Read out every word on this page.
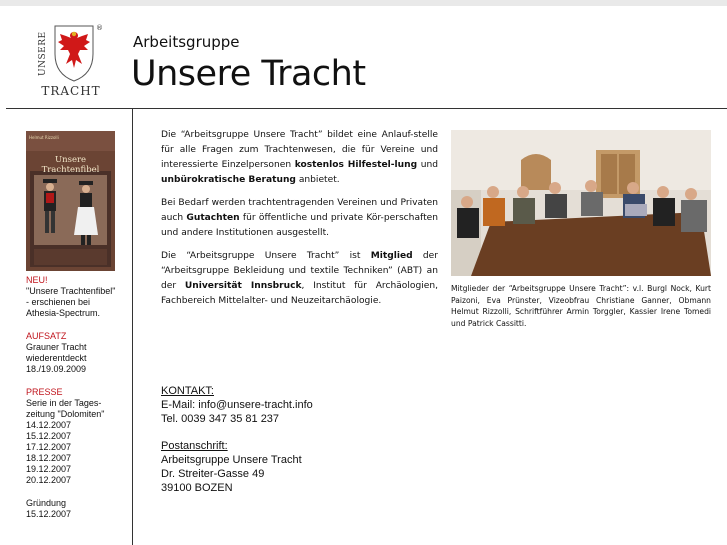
UNSERE
®
TRACHT
Arbeitsgruppe
Unsere Tracht
Helmut Rizzolli
Unsere Trachtenfibel
NEU!
"Unsere Trachtenfibel"
- erschienen bei
Athesia-Spectrum.
AUFSATZ
Grauner Tracht
wiederentdeckt
18./19.09.2009
PRESSE
Serie in der Tages-
zeitung "Dolomiten"
14.12.2007
15.12.2007
17.12.2007
18.12.2007
19.12.2007
20.12.2007
Gründung
15.12.2007

Die “Arbeitsgruppe Unsere Tracht” bildet eine Anlauf-stelle für alle Fragen zum Trachtenwesen, die für Vereine und interessierte Einzelpersonen kostenlos Hilfestel-lung und unbürokratische Beratung anbietet.

Bei Bedarf werden trachtentragenden Vereinen und Privaten auch Gutachten für öffentliche und private Kör-perschaften und andere Institutionen ausgestellt.

Die “Arbeitsgruppe Unsere Tracht” ist Mitglied der “Arbeitsgruppe Bekleidung und textile Techniken” (ABT) an der Universität Innsbruck, Institut für Archäologien, Fachbereich Mittelalter- und Neuzeitarchäologie.

Mitglieder der “Arbeitsgruppe Unsere Tracht”: v.l. Burgl Nock, Kurt Paizoni, Eva Prünster, Vizeobfrau Christiane Ganner, Obmann Helmut Rizzolli, Schriftführer Armin Torggler, Kassier Irene Tomedi und Patrick Cassitti.
KONTAKT:
E-Mail: info@unsere-tracht.info
Tel. 0039 347 35 81 237
Postanschrift:
Arbeitsgruppe Unsere Tracht
Dr. Streiter-Gasse 49
39100 BOZEN
